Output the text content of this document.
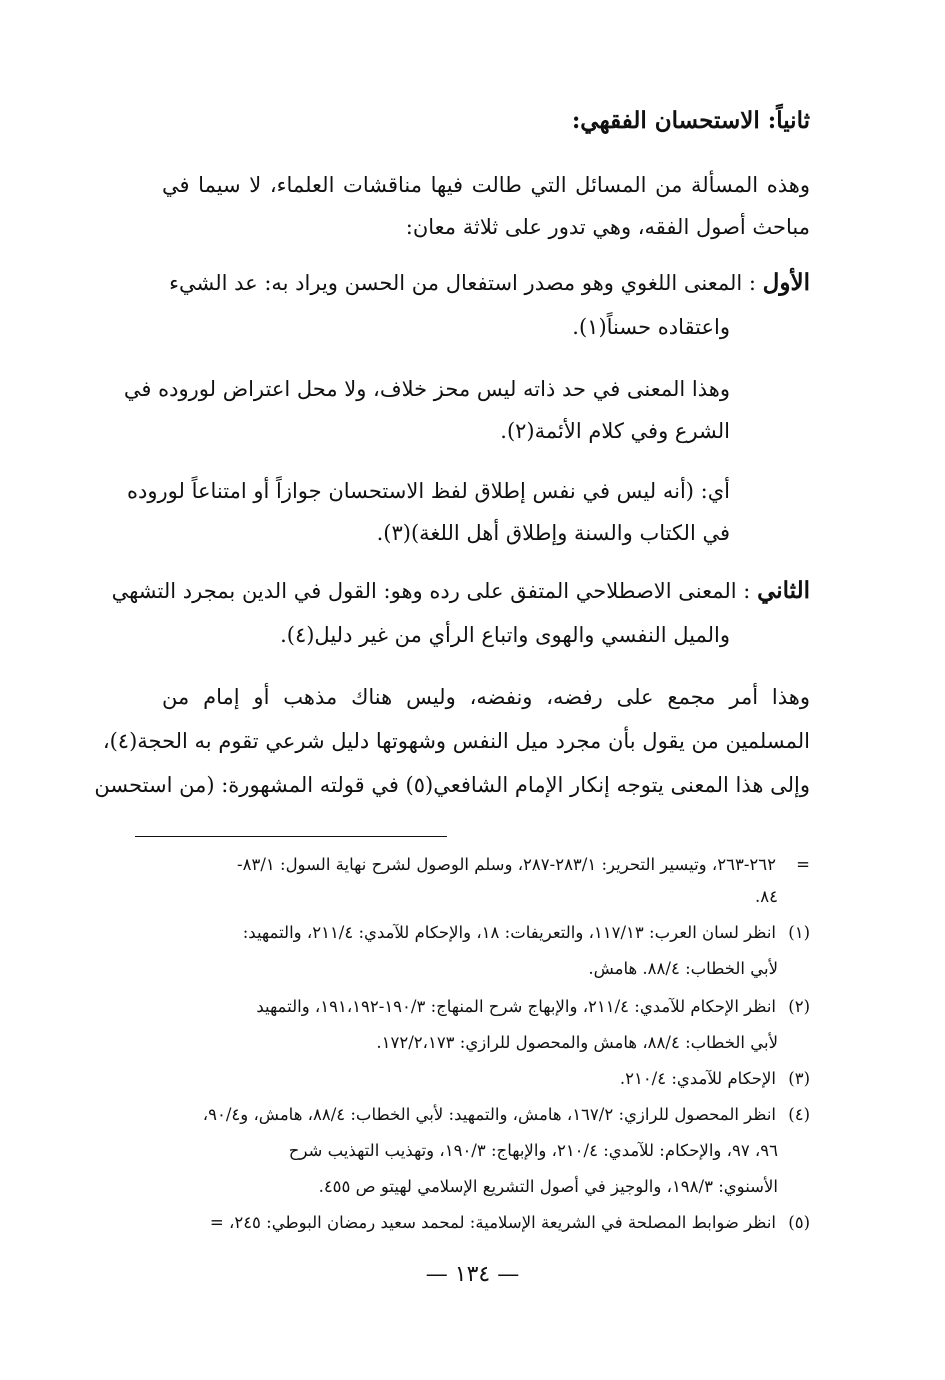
ثانياً: الاستحسان الفقهي:
وهذه المسألة من المسائل التي طالت فيها مناقشات العلماء، لا سيما في
مباحث أصول الفقه، وهي تدور على ثلاثة معان:
الأول : المعنى اللغوي وهو مصدر استفعال من الحسن ويراد به: عد الشيء
واعتقاده حسناً(١).
وهذا المعنى في حد ذاته ليس محز خلاف، ولا محل اعتراض لوروده في
الشرع وفي كلام الأئمة(٢).
أي: (أنه ليس في نفس إطلاق لفظ الاستحسان جوازاً أو امتناعاً لوروده
في الكتاب والسنة وإطلاق أهل اللغة)(٣).
الثاني : المعنى الاصطلاحي المتفق على رده وهو: القول في الدين بمجرد التشهي
والميل النفسي والهوى واتباع الرأي من غير دليل(٤).
وهذا أمر مجمع على رفضه، ونفضه، وليس هناك مذهب أو إمام من
المسلمين من يقول بأن مجرد ميل النفس وشهوتها دليل شرعي تقوم به الحجة(٤)،
وإلى هذا المعنى يتوجه إنكار الإمام الشافعي(٥) في قولته المشهورة: (من استحسن
=٢٦٢-٢٦٣، وتيسير التحرير: ٢٨٣/١-٢٨٧، وسلم الوصول لشرح نهاية السول: ٨٣/١-
٨٤.
(١)انظر لسان العرب: ١١٧/١٣، والتعريفات: ١٨، والإحكام للآمدي: ٢١١/٤، والتمهيد:
لأبي الخطاب: ٨٨/٤. هامش.
(٢)انظر الإحكام للآمدي: ٢١١/٤، والإبهاج شرح المنهاج: ١٩٠/٣-١٩١،١٩٢، والتمهيد
لأبي الخطاب: ٨٨/٤، هامش والمحصول للرازي: ١٧٢/٢،١٧٣.
(٣)الإحكام للآمدي: ٢١٠/٤.
(٤)انظر المحصول للرازي: ١٦٧/٢، هامش، والتمهيد: لأبي الخطاب: ٨٨/٤، هامش، و٩٠/٤،
٩٦، ٩٧، والإحكام: للآمدي: ٢١٠/٤، والإبهاج: ١٩٠/٣، وتهذيب التهذيب شرح
الأسنوي: ١٩٨/٣، والوجيز في أصول التشريع الإسلامي لهيتو ص ٤٥٥.
(٥)انظر ضوابط المصلحة في الشريعة الإسلامية: لمحمد سعيد رمضان البوطي: ٢٤٥، =
— ١٣٤ —
